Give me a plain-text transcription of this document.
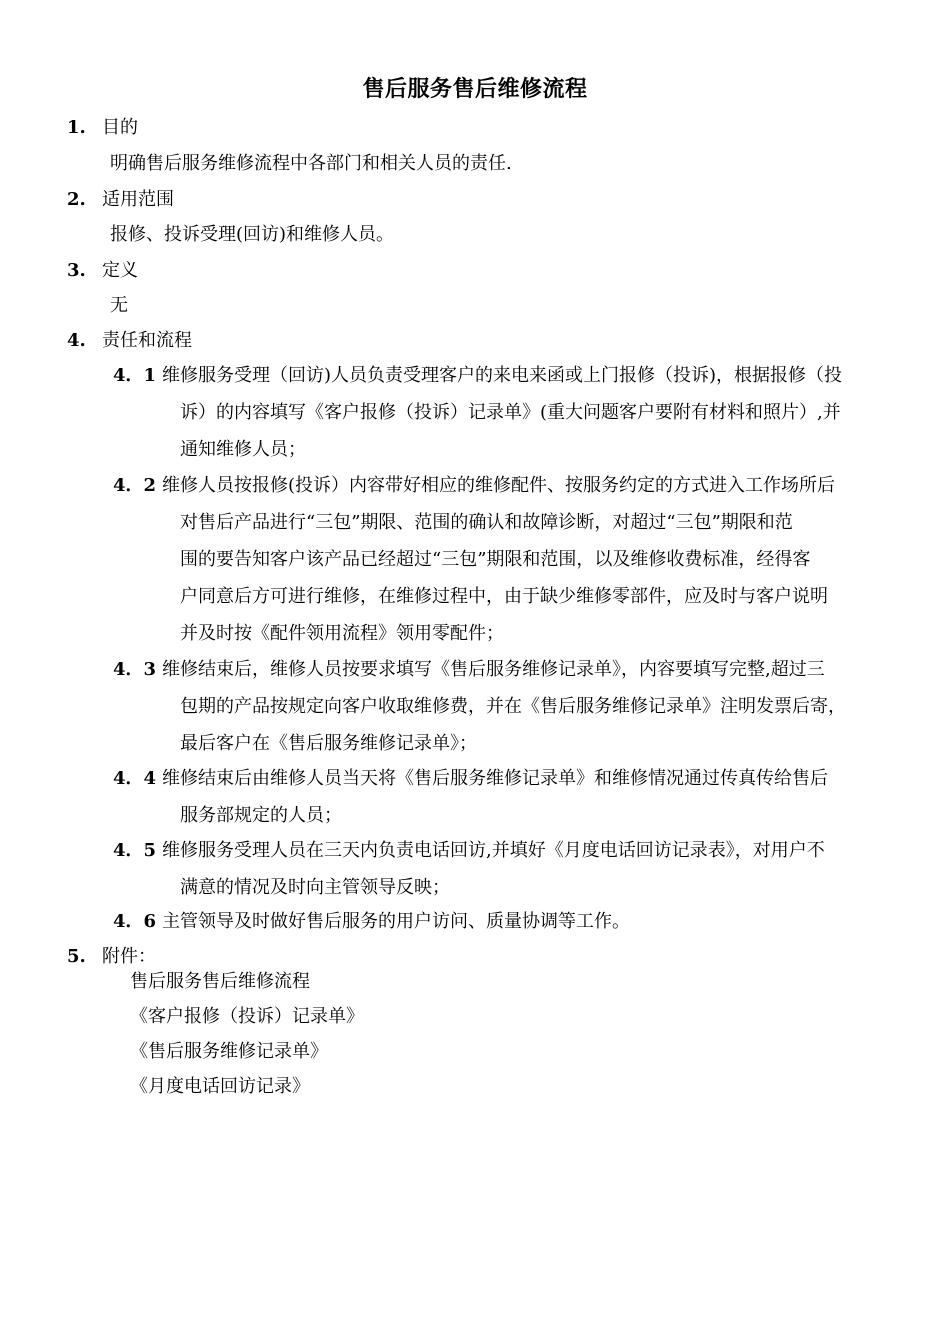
售后服务售后维修流程
1. 目的
明确售后服务维修流程中各部门和相关人员的责任.
2. 适用范围
报修、投诉受理(回访)和维修人员。
3. 定义
无
4. 责任和流程
4．1 维修服务受理（回访)人员负责受理客户的来电来函或上门报修（投诉)，根据报修（投
诉）的内容填写《客户报修（投诉）记录单》(重大问题客户要附有材料和照片）,并
通知维修人员；
4．2 维修人员按报修(投诉）内容带好相应的维修配件、按服务约定的方式进入工作场所后
对售后产品进行“三包”期限、范围的确认和故障诊断，对超过“三包”期限和范
围的要告知客户该产品已经超过“三包”期限和范围，以及维修收费标准，经得客
户同意后方可进行维修，在维修过程中，由于缺少维修零部件，应及时与客户说明
并及时按《配件领用流程》领用零配件；
4．3 维修结束后，维修人员按要求填写《售后服务维修记录单》，内容要填写完整,超过三
包期的产品按规定向客户收取维修费，并在《售后服务维修记录单》注明发票后寄，
最后客户在《售后服务维修记录单》；
4．4 维修结束后由维修人员当天将《售后服务维修记录单》和维修情况通过传真传给售后
服务部规定的人员；
4．5 维修服务受理人员在三天内负责电话回访,并填好《月度电话回访记录表》，对用户不
满意的情况及时向主管领导反映；
4．6 主管领导及时做好售后服务的用户访问、质量协调等工作。
5. 附件：
售后服务售后维修流程
《客户报修（投诉）记录单》
《售后服务维修记录单》
《月度电话回访记录》
